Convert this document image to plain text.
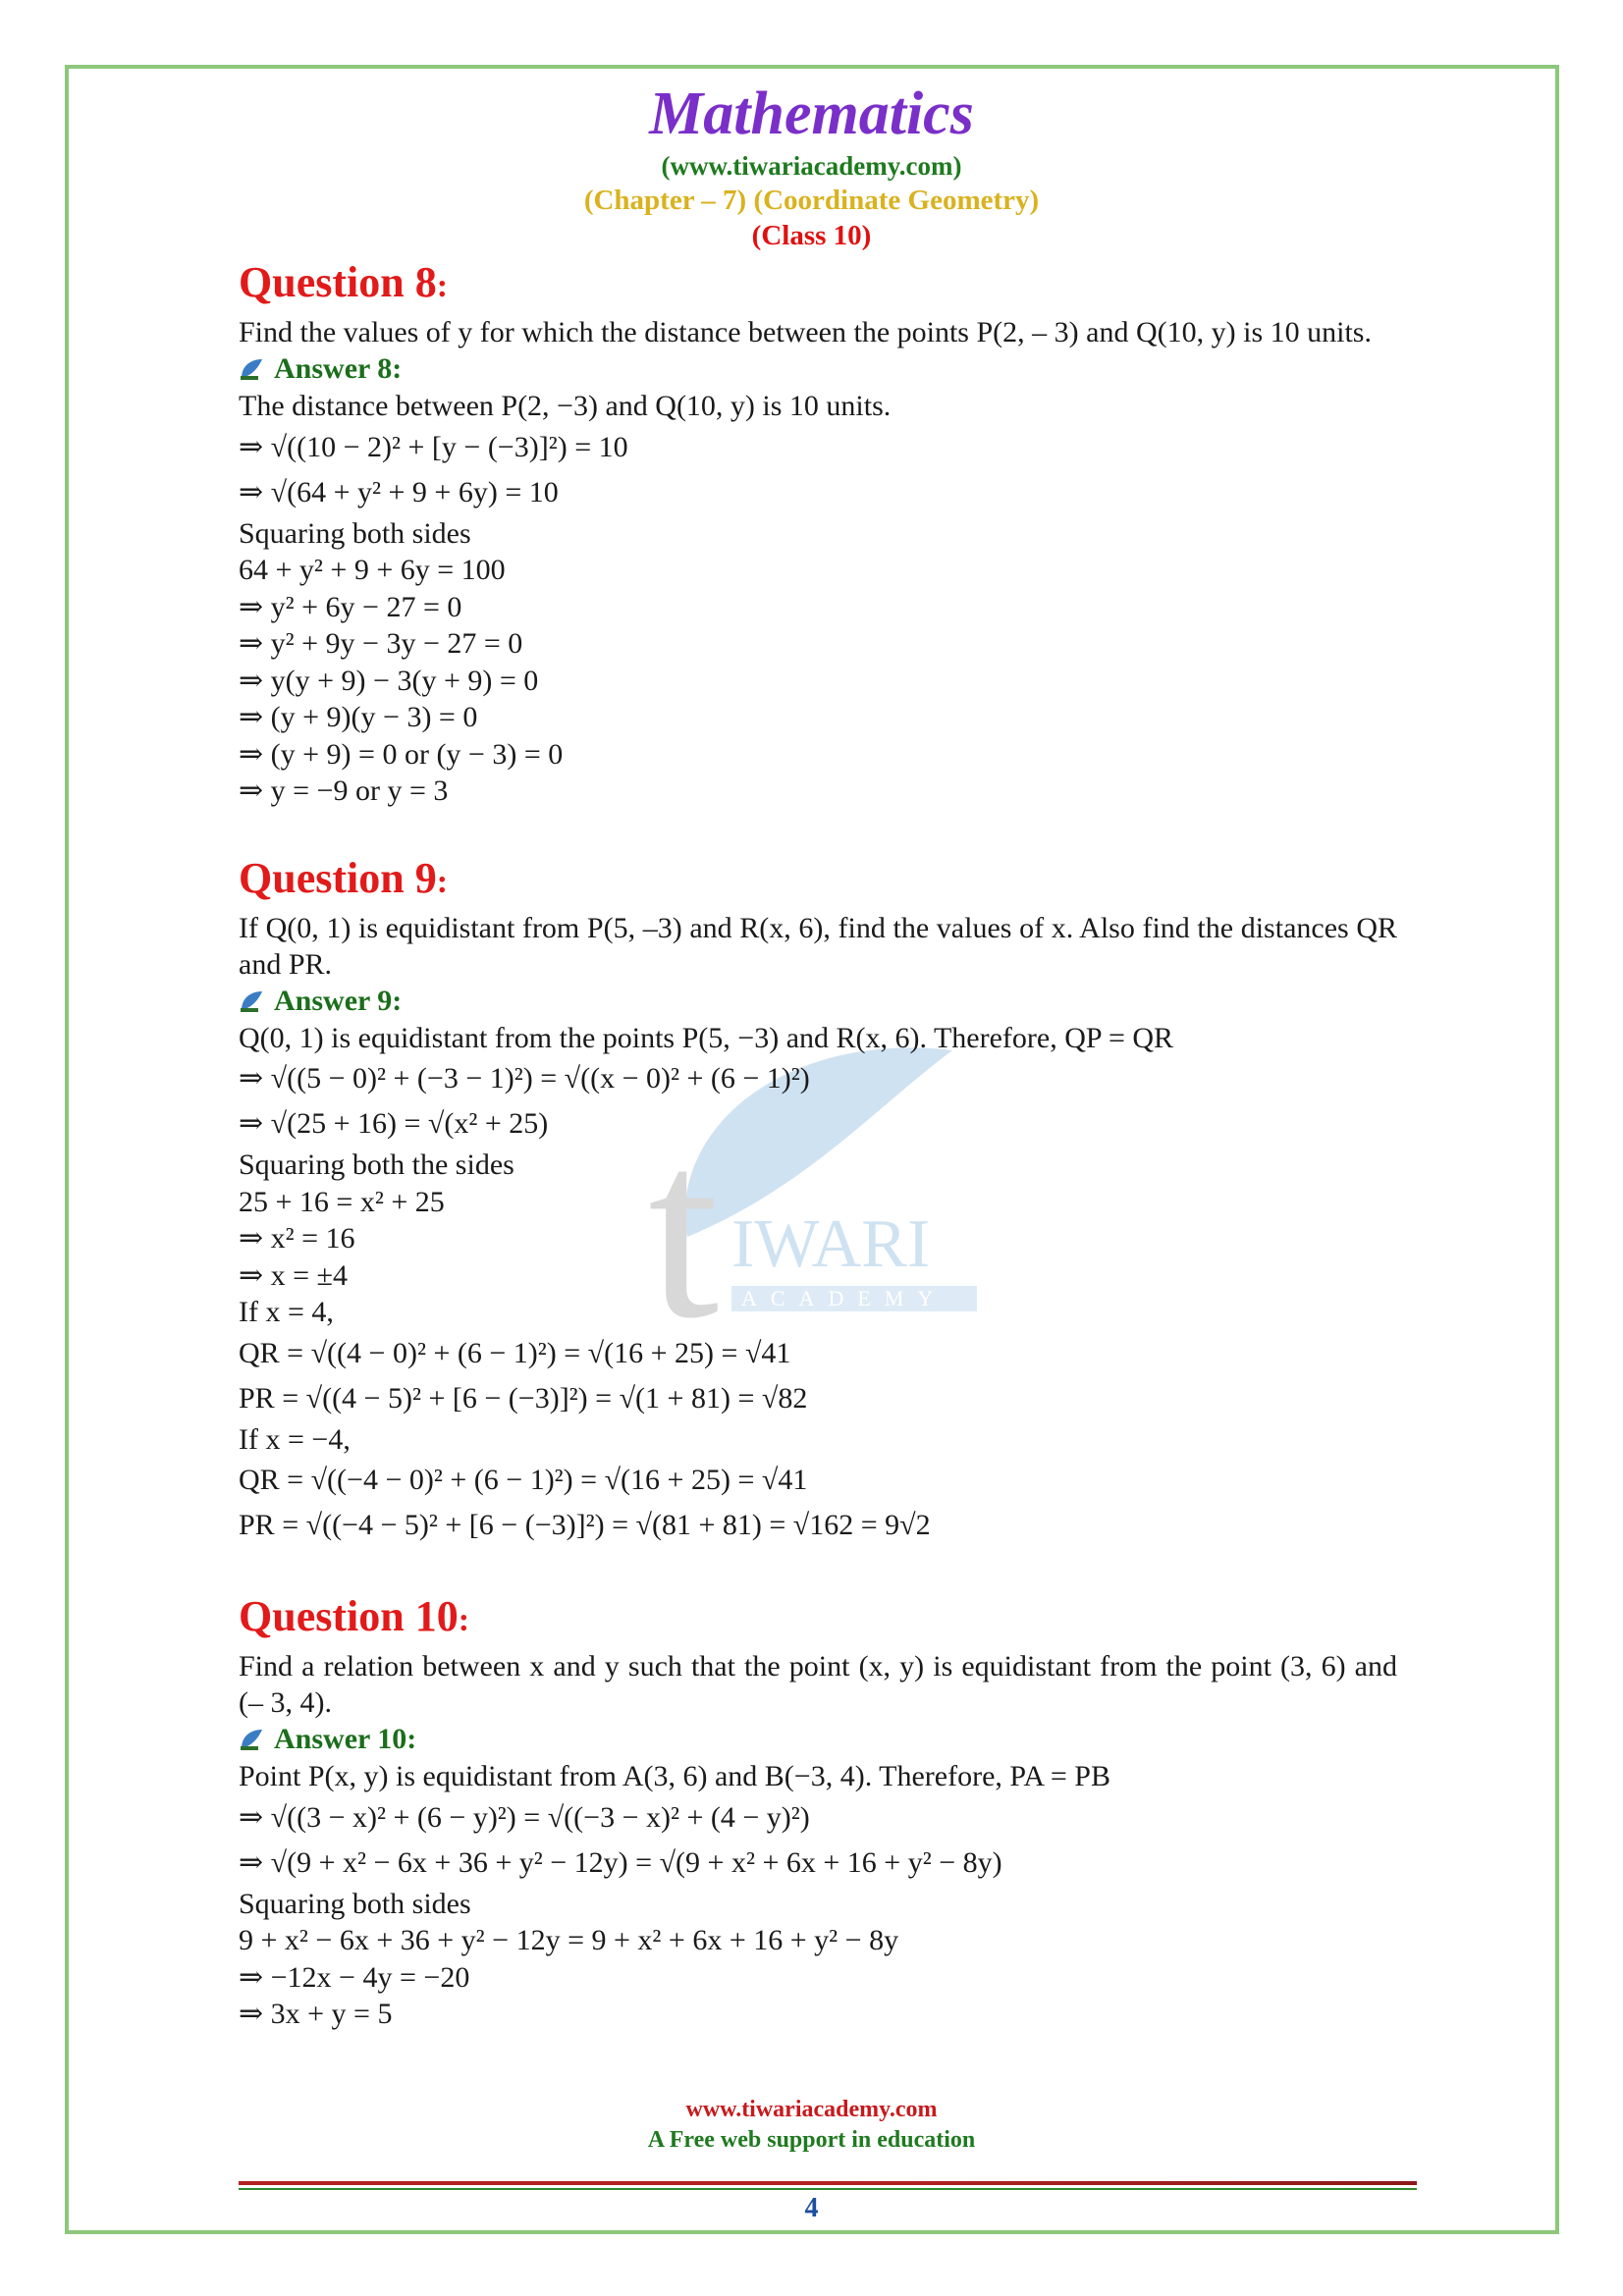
Mathematics
(www.tiwariacademy.com)
(Chapter – 7) (Coordinate Geometry)
(Class 10)
t IWARI
ACADEMY
Question 8:
Find the values of y for which the distance between the points P(2, – 3) and Q(10, y) is 10 units.
Answer 8:
The distance between P(2, −3) and Q(10, y) is 10 units.
⇒ √((10 − 2)² + [y − (−3)]²) = 10
⇒ √(64 + y² + 9 + 6y) = 10
Squaring both sides
64 + y² + 9 + 6y = 100
⇒ y² + 6y − 27 = 0
⇒ y² + 9y − 3y − 27 = 0
⇒ y(y + 9) − 3(y + 9) = 0
⇒ (y + 9)(y − 3) = 0
⇒ (y + 9) = 0 or (y − 3) = 0
⇒ y = −9 or y = 3
Question 9:
If Q(0, 1) is equidistant from P(5, –3) and R(x, 6), find the values of x. Also find the distances QR and PR.
Answer 9:
Q(0, 1) is equidistant from the points P(5, −3) and R(x, 6). Therefore, QP = QR
⇒ √((5 − 0)² + (−3 − 1)²) = √((x − 0)² + (6 − 1)²)
⇒ √(25 + 16) = √(x² + 25)
Squaring both the sides
25 + 16 = x² + 25
⇒ x² = 16
⇒ x = ±4
If x = 4,
QR = √((4 − 0)² + (6 − 1)²) = √(16 + 25) = √41
PR = √((4 − 5)² + [6 − (−3)]²) = √(1 + 81) = √82
If x = −4,
QR = √((−4 − 0)² + (6 − 1)²) = √(16 + 25) = √41
PR = √((−4 − 5)² + [6 − (−3)]²) = √(81 + 81) = √162 = 9√2
Question 10:
Find a relation between x and y such that the point (x, y) is equidistant from the point (3, 6) and (– 3, 4).
Answer 10:
Point P(x, y) is equidistant from A(3, 6) and B(−3, 4). Therefore, PA = PB
⇒ √((3 − x)² + (6 − y)²) = √((−3 − x)² + (4 − y)²)
⇒ √(9 + x² − 6x + 36 + y² − 12y) = √(9 + x² + 6x + 16 + y² − 8y)
Squaring both sides
9 + x² − 6x + 36 + y² − 12y = 9 + x² + 6x + 16 + y² − 8y
⇒ −12x − 4y = −20
⇒ 3x + y = 5
www.tiwariacademy.com
A Free web support in education
4
